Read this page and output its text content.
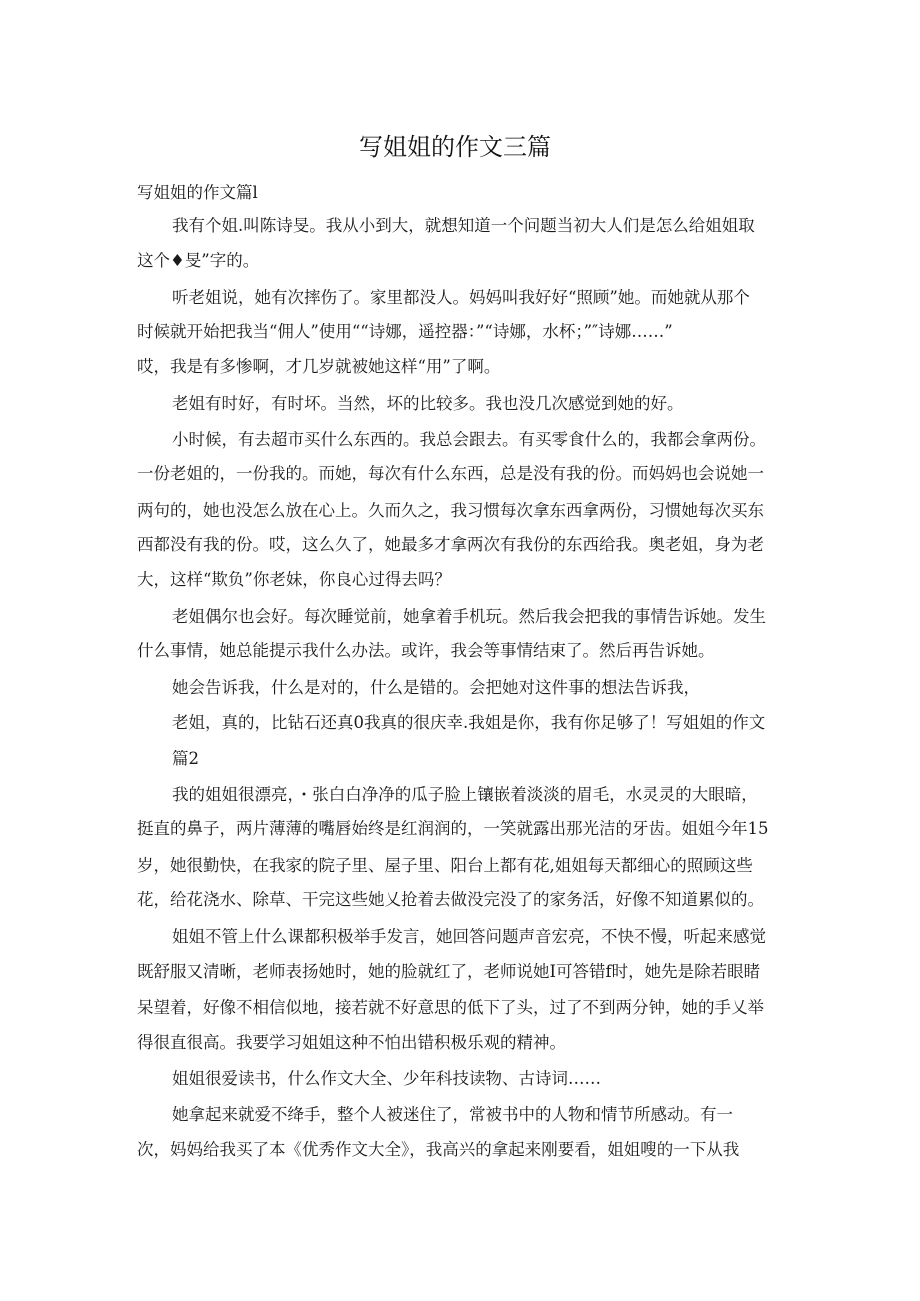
写姐姐的作文三篇
写姐姐的作文篇l
我有个姐.叫陈诗旻。我从小到大，就想知道一个问题当初大人们是怎么给姐姐取
这个♦旻”字的。
听老姐说，她有次摔伤了。家里都没人。妈妈叫我好好“照顾”她。而她就从那个
时候就开始把我当“佣人”使用““诗娜，遥控器：”“诗娜，水杯；”″诗娜……”
哎，我是有多惨啊，才几岁就被她这样“用”了啊。
老姐有时好，有时坏。当然，坏的比较多。我也没几次感觉到她的好。
小时候，有去超市买什么东西的。我总会跟去。有买零食什么的，我都会拿两份。
一份老姐的，一份我的。而她，每次有什么东西，总是没有我的份。而妈妈也会说她一
两句的，她也没怎么放在心上。久而久之，我习惯每次拿东西拿两份，习惯她每次买东
西都没有我的份。哎，这么久了，她最多才拿两次有我份的东西给我。奥老姐，身为老
大，这样“欺负”你老妹，你良心过得去吗？
老姐偶尔也会好。每次睡觉前，她拿着手机玩。然后我会把我的事情告诉她。发生
什么事情，她总能提示我什么办法。或许，我会等事情结束了。然后再告诉她。
她会告诉我，什么是对的，什么是错的。会把她对这件事的想法告诉我，
老姐，真的，比钻石还真0我真的很庆幸.我姐是你，我有你足够了！写姐姐的作文
篇2
我的姐姐很漂亮，・张白白净净的瓜子脸上镶嵌着淡淡的眉毛，水灵灵的大眼暗，
挺直的鼻子，两片薄薄的嘴唇始终是红润润的，一笑就露出那光洁的牙齿。姐姐今年15
岁，她很勤快，在我家的院子里、屋子里、阳台上都有花,姐姐每天都细心的照顾这些
花，给花浇水、除草、干完这些她乂抢着去做没完没了的家务活，好像不知道累似的。
姐姐不管上什么课都积极举手发言，她回答问题声音宏亮，不快不慢，听起来感觉
既舒服又清晰，老师表扬她时，她的脸就红了，老师说她I可答错f时，她先是除若眼睹
呆望着，好像不相信似地，接若就不好意思的低下了头，过了不到两分钟，她的手乂举
得很直很高。我要学习姐姐这种不怕出错积极乐观的精神。
姐姐很爱读书，什么作文大全、少年科技读物、古诗词……
她拿起来就爱不绛手，整个人被迷住了，常被书中的人物和情节所感动。有一
次，妈妈给我买了本《优秀作文大全》，我高兴的拿起来刚要看，姐姐嗖的一下从我
